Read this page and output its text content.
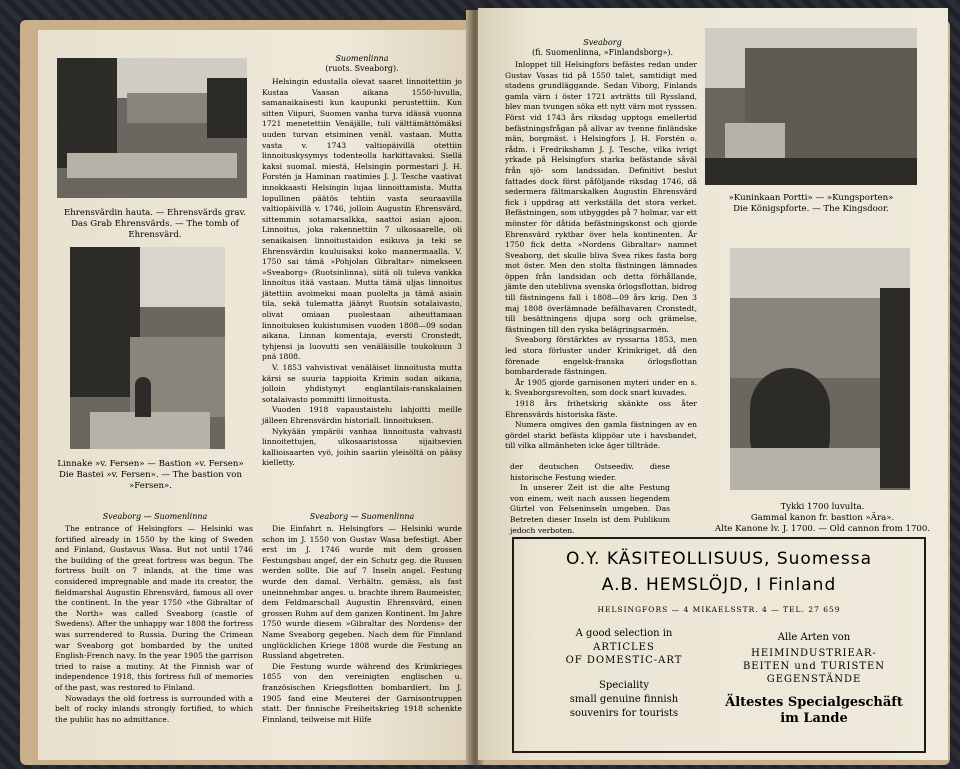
Ehrensvärdin hauta. — Ehrensvärds grav.
Das Grab Ehrensvärds. — The tomb of
Ehrensvärd.
Linnake »v. Fersen» — Bastion »v. Fersen»
Die Bastei »v. Fersen». — The bastion von
»Fersen».
Suomenlinna
(ruots. Sveaborg).

Helsingin edustalla olevat saaret linnoitettiin jo Kustaa Vaasan aikana 1550-luvulla, samanaikaisesti kun kaupunki perustettiin. Kun sitten Viipuri, Suomen vanha turva idässä vuonna 1721 menetettiin Venäjälle, tuli välttämättömäksi uuden turvan etsiminen venäl. vastaan. Mutta vasta v. 1743 valtiopäivillä otettiin linnoituskysymys todenteolla harkittavaksi. Siellä kaksi suomal. miestä, Helsingin pormestari J. H. Forstén ja Haminan raatimies J. J. Tesche vaativat innokkaasti Helsingin lujaa linnoittamista. Mutta lopullinen päätös tehtiin vasta seuraavilla valtiopäivillä v. 1746, jolloin Augustin Ehrensvärd, sittemmin sotamarsalkka, saattoi asian ajoon. Linnoitus, joka rakennettiin 7 ulkosaarelle, oli senaikaisen linnoitustaidon esikuva ja teki se Ehrensvärdin kuuluisaksi koko mannermaalla. V. 1750 sai tämä »Pohjolan Gibraltar» nimekseen »Sveaborg» (Ruotsinlinna), siitä oli tuleva vankka linnoitus itää vastaan. Mutta tämä uljas linnoitus jätettiin avoimeksi maan puolelta ja tämä asiain tila, sekä tulematta jäänyt Ruotsin sotalaivasto, olivat omiaan puolestaan aiheuttamaan linnoituksen kukistumisen vuoden 1808—09 sodan aikana. Linnan komentaja, eversti Cronstedt, tyhjensi ja luovutti sen venäläisille toukokuun 3 pnä 1808.

V. 1853 vahvistivat venäläiset linnoitusta mutta kärsi se suuria tappioita Krimin sodan aikana, jolloin yhdistynyt englantilais-ranskalainen sotalaivasto pommitti linnoitusta.

Vuoden 1918 vapaustaistelu lahjoitti meille jälleen Ehrensvärdin historiall. linnoituksen.

Nykyään ympäröi vanhaa linnoitusta vahvasti linnoitettujen, ulkosaaristossa sijaitsevien kallioisaarten vyö, joihin saariin yleisöltä on pääsy kielletty.

Sveaborg — Suomenlinna

The entrance of Helsingfors — Helsinki was fortified already in 1550 by the king of Sweden and Finland, Gustavus Wasa. But not until 1746 the building of the great fortress was begun. The fortress built on 7 inlands, at the time was considered impregnable and made its creator, the fieldmarshal Augustin Ehrensvärd, famous all over the continent. In the year 1750 »the Gibraltar of the North» was called Sveaborg (castle of Swedens). After the unhappy war 1808 the fortress was surrendered to Russia. During the Crimean war Sveaborg got bombarded by the united English-French navy. In the year 1905 the garrison tried to raise a mutiny. At the Finnish war of independence 1918, this fortress full of memories of the past, was restored to Finland.

Nowadays the old fortress is surrounded with a belt of rocky inlands strongly fortified, to which the public has no admittance.

Sveaborg — Suomenlinna

Die Einfahrt n. Helsingfors — Helsinki wurde schon im J. 1550 von Gustav Wasa befestigt. Aber erst im J. 1746 wurde mit dem grossen Festungsbau angef, der ein Schutz geg. die Russen werden sollte. Die auf 7 Inseln angel. Festung wurde den damal. Verhältn. gemäss, als fast uneinnehmbar anges. u. brachte ihrem Baumeister, dem Feldmarschall Augustin Ehrensvärd, einen grossen Ruhm auf dem ganzen Kontinent. Im Jahre 1750 wurde diesem »Gibraltar des Nordens» der Name Sveaborg gegeben. Nach dem für Finnland unglücklichen Kriege 1808 wurde die Festung an Russland abgetreten.

Die Festung wurde während des Krimkrieges 1855 von den vereinigten englischen u. französischen Kriegsflotten bombardiert. Im J. 1905 fand eine Meuterei der Garnisontruppen statt. Der finnische Freiheitskrieg 1918 schenkte Finnland, teilweise mit Hilfe

Sveaborg
(fi. Suomenlinna, »Finlandsborg»).

Inloppet till Helsingfors befästes redan under Gustav Vasas tid på 1550 talet, samtidigt med stadens grundläggande. Sedan Viborg, Finlands gamla värn i öster 1721 avträtts till Ryssland, blev man tvungen söka ett nytt värn mot rysssen. Först vid 1743 års riksdag upptogs emellertid befästningsfrågan på allvar av tvenne finländske män, borgmäst. i Helsingfors J. H. Forstén o. rådm. i Fredrikshamn J. J. Tesche, vilka ivrigt yrkade på Helsingfors starka befästande såväl från sjö- som landssidan. Definitivt beslut fattades dock först påföljande riksdag 1746, då sedermera fältmarskalken Augustin Ehrensvärd fick i uppdrag att verkställa det stora verket. Befästningen, som utbyggdes på 7 holmar, var ett mönster för dåtida befästningskonst och gjorde Ehrensvärd ryktbar över hela kontinenten. År 1750 fick detta »Nordens Gibraltar» namnet Sveaborg, det skulle bliva Svea rikes fasta borg mot öster. Men den stolta fästningen lämnades öppen från landsidan och detta förhållande, jämte den uteblivna svenska örlogsflottan, bidrog till fästningens fall i 1808—09 års krig. Den 3 maj 1808 överlämnade befälhavaren Cronstedt, till besättningens djupa sorg och grämelse, fästningen till den ryska belägringsarmén.

Sveaborg förstärktes av ryssarna 1853, men led stora förluster under Krimkriget, då den förenade engelsk-franska örlogsflottan bombarderade fästningen.

År 1905 gjorde garnisonen myteri under en s. k. Sveaborgsrevolten, som dock snart kuvades.

1918 års frihetskrig skänkte oss åter Ehrensvärds historiska fäste.

Numera omgives den gamla fästningen av en gördel starkt befästa klippöar ute i havsbandet, till vilka allmänheten icke äger tillträde.

der deutschen Ostseediv. diese historische Festung wieder.

In unserer Zeit ist die alte Festung von einem, weit nach aussen liegendem Gürtel von Felseninseln umgeben. Das Betreten dieser Inseln ist dem Publikum jedoch verboten.

»Kuninkaan Portti» — »Kungsporten»
Die Königspforte. — The Kingsdoor.
Tykki 1700 luvulta.
Gammal kanon fr. bastion »Ära».
Alte Kanone lv. J. 1700. — Old cannon from 1700.
O.Y. KÄSITEOLLISUUS, Suomessa
A.B. HEMSLÖJD, I Finland
HELSINGFORS — 4 MIKAELSSTR. 4 — TEL. 27 659
A good selection in
ARTICLES
OF DOMESTIC-ART
Speciality
small genuine finnish
souvenirs for tourists
Alle Arten von
HEIMINDUSTRIEAR-
BEITEN und TURISTEN
GEGENSTÄNDE
Ältestes Specialgeschäft
im Lande
